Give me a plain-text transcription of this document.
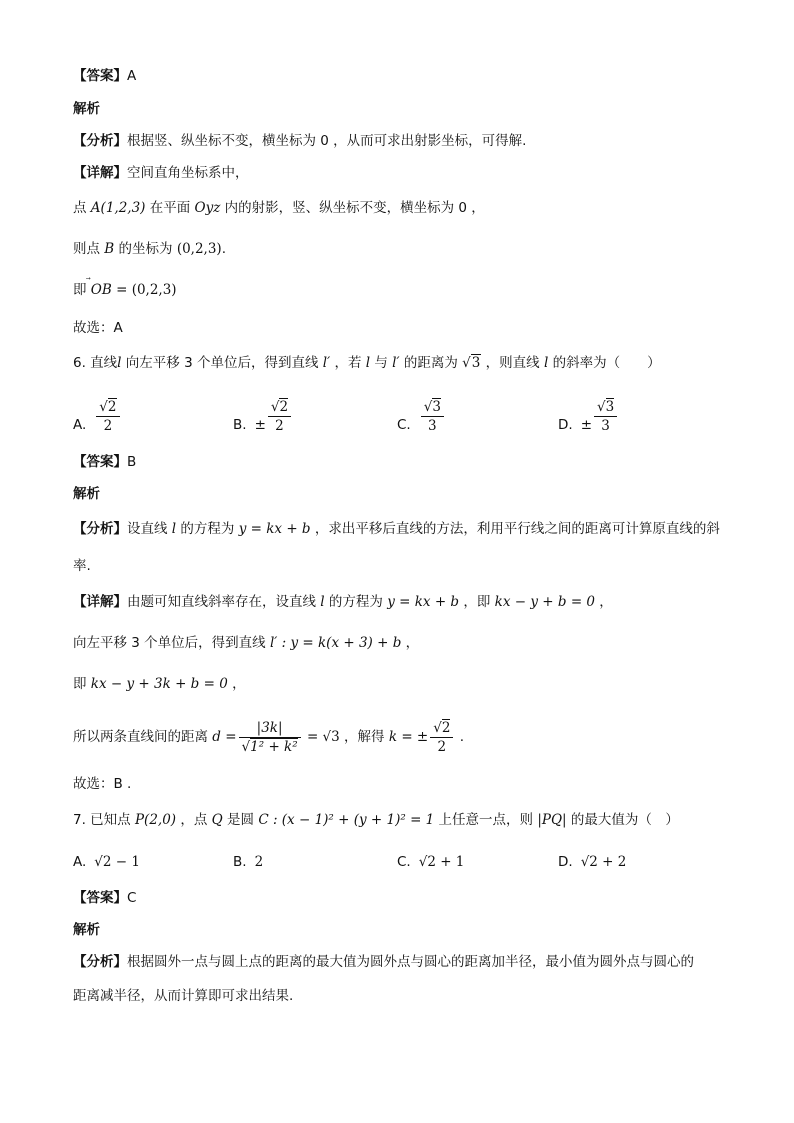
【答案】A
解析
【分析】根据竖、纵坐标不变，横坐标为 0 ，从而可求出射影坐标，可得解.
【详解】空间直角坐标系中，
点 A(1,2,3) 在平面 Oyz 内的射影，竖、纵坐标不变，横坐标为 0 ，
则点 B 的坐标为 (0,2,3).
即
OB = (0,2,3)
故选：A
6. 直线l 向左平移 3 个单位后，得到直线 l′ ，若 l 与 l′ 的距离为 √3 ，则直线 l 的斜率为（　　）
A. $\frac{√2}{2}$	B. ± $\frac{√2}{2}$	C. $\frac{√3}{3}$	D. ± $\frac{√3}{3}$
【答案】B
解析
【分析】设直线 l 的方程为 y = kx + b ，求出平移后直线的方法，利用平行线之间的距离可计算原直线的斜
率.
【详解】由题可知直线斜率存在，设直线 l 的方程为 y = kx + b ，即 kx − y + b = 0 ，
向左平移 3 个单位后，得到直线 l′ : y = k(x + 3) + b ，
即 kx − y + 3k + b = 0 ，
所以两条直线间的距离 $d = \frac{|3k|}{\text{√1² + k²}} = √3$ ，解得 k = ± $\frac{√2}{2}$ .
故选：B .
7. 已知点 P(2,0) ，点 Q 是圆 C : (x − 1)² + (y + 1)² = 1 上任意一点，则 |PQ| 的最大值为（　）
A. √2 − 1	B. 2	C. √2 + 1	D. √2 + 2
【答案】C
解析
【分析】根据圆外一点与圆上点的距离的最大值为圆外点与圆心的距离加半径，最小值为圆外点与圆心的
距离减半径，从而计算即可求出结果.
